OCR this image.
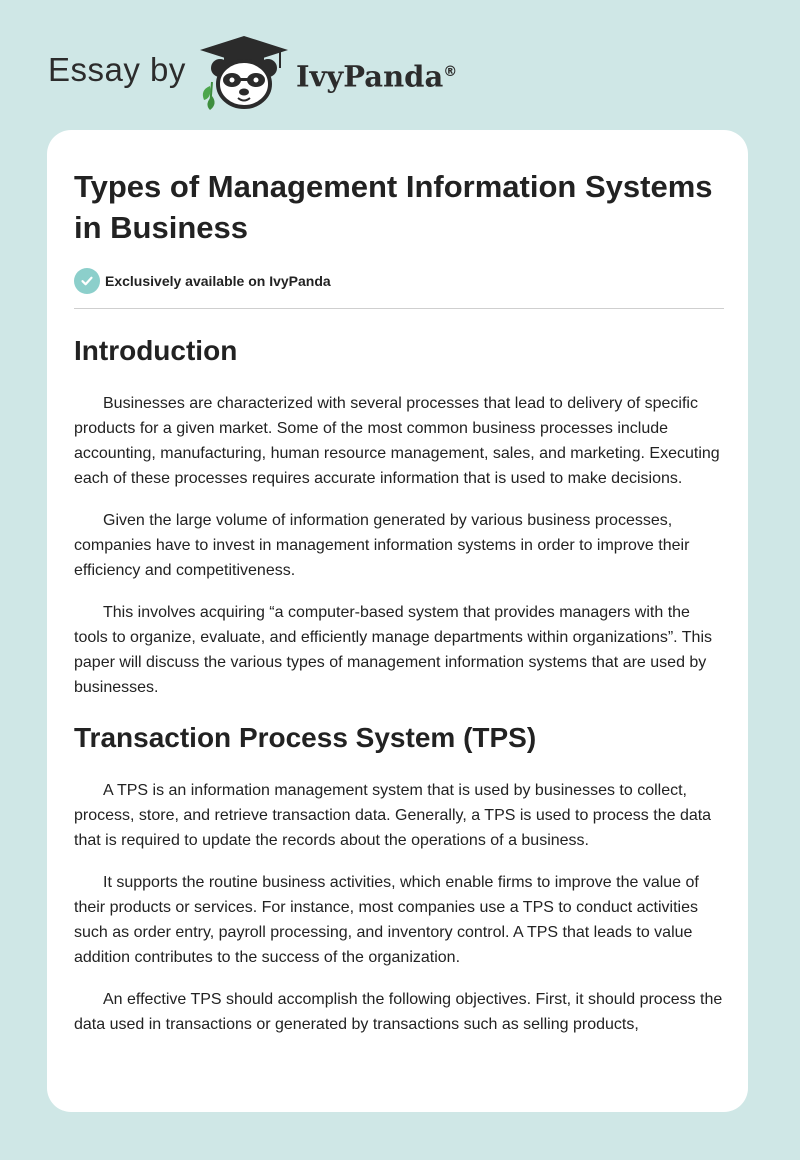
Essay by	IvyPanda®
Types of Management Information Systems in Business
Exclusively available on IvyPanda
Introduction

Businesses are characterized with several processes that lead to delivery of specific products for a given market. Some of the most common business processes include accounting, manufacturing, human resource management, sales, and marketing. Executing each of these processes requires accurate information that is used to make decisions.

Given the large volume of information generated by various business processes, companies have to invest in management information systems in order to improve their efficiency and competitiveness.

This involves acquiring “a computer-based system that provides managers with the tools to organize, evaluate, and efficiently manage departments within organizations”. This paper will discuss the various types of management information systems that are used by businesses.

Transaction Process System (TPS)

A TPS is an information management system that is used by businesses to collect, process, store, and retrieve transaction data. Generally, a TPS is used to process the data that is required to update the records about the operations of a business.

It supports the routine business activities, which enable firms to improve the value of their products or services. For instance, most companies use a TPS to conduct activities such as order entry, payroll processing, and inventory control. A TPS that leads to value addition contributes to the success of the organization.

An effective TPS should accomplish the following objectives. First, it should process the data used in transactions or generated by transactions such as selling products,
